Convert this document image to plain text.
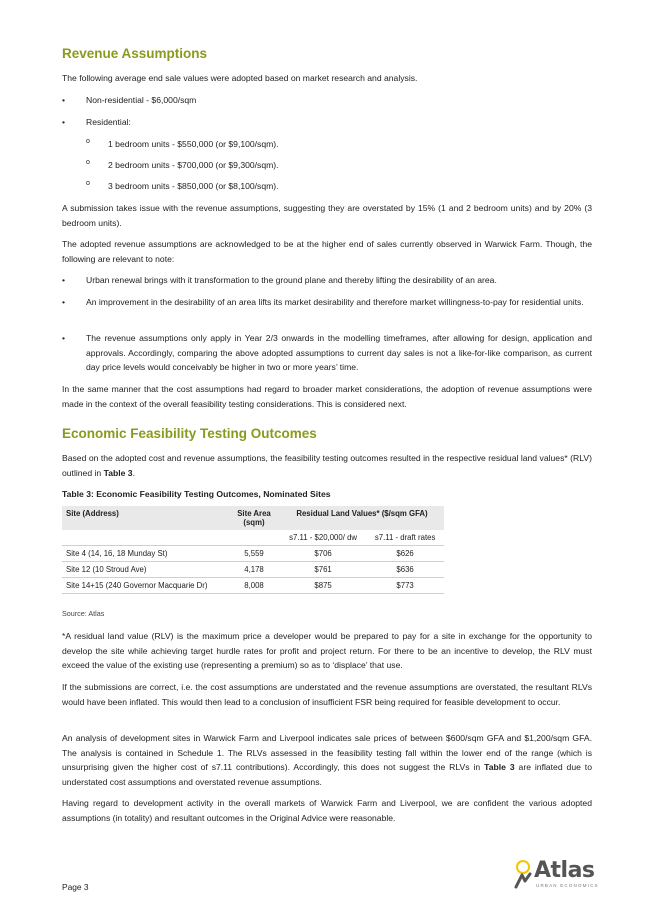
Revenue Assumptions

The following average end sale values were adopted based on market research and analysis.

• Non-residential - $6,000/sqm
• Residential:
o 1 bedroom units - $550,000 (or $9,100/sqm).
o 2 bedroom units - $700,000 (or $9,300/sqm).
o 3 bedroom units - $850,000 (or $8,100/sqm).

A submission takes issue with the revenue assumptions, suggesting they are overstated by 15% (1 and 2 bedroom units) and by 20% (3 bedroom units).

The adopted revenue assumptions are acknowledged to be at the higher end of sales currently observed in Warwick Farm. Though, the following are relevant to note:

• Urban renewal brings with it transformation to the ground plane and thereby lifting the desirability of an area.
• An improvement in the desirability of an area lifts its market desirability and therefore market willingness-to-pay for residential units.
• The revenue assumptions only apply in Year 2/3 onwards in the modelling timeframes, after allowing for design, application and approvals. Accordingly, comparing the above adopted assumptions to current day sales is not a like-for-like comparison, as current day price levels would conceivably be higher in two or more years’ time.

In the same manner that the cost assumptions had regard to broader market considerations, the adoption of revenue assumptions were made in the context of the overall feasibility testing considerations. This is considered next.

Economic Feasibility Testing Outcomes

Based on the adopted cost and revenue assumptions, the feasibility testing outcomes resulted in the respective residual land values* (RLV) outlined in Table 3.

Table 3: Economic Feasibility Testing Outcomes, Nominated Sites
Site (Address)	Site Area (sqm)	Residual Land Values* ($/sqm GFA)	
		s7.11 - $20,000/ dw	s7.11 - draft rates
Site 4 (14, 16, 18 Munday St)	5,559	$706	$626
Site 12 (10 Stroud Ave)	4,178	$761	$636
Site 14+15 (240 Governor Macquarie Dr)	8,008	$875	$773
Source: Atlas

*A residual land value (RLV) is the maximum price a developer would be prepared to pay for a site in exchange for the opportunity to develop the site while achieving target hurdle rates for profit and project return. For there to be an incentive to develop, the RLV must exceed the value of the existing use (representing a premium) so as to ‘displace’ that use.

If the submissions are correct, i.e. the cost assumptions are understated and the revenue assumptions are overstated, the resultant RLVs would have been inflated. This would then lead to a conclusion of insufficient FSR being required for feasible development to occur.

An analysis of development sites in Warwick Farm and Liverpool indicates sale prices of between $600/sqm GFA and $1,200/sqm GFA. The analysis is contained in Schedule 1. The RLVs assessed in the feasibility testing fall within the lower end of the range (which is unsurprising given the higher cost of s7.11 contributions). Accordingly, this does not suggest the RLVs in Table 3 are inflated due to understated cost assumptions and overstated revenue assumptions.

Having regard to development activity in the overall markets of Warwick Farm and Liverpool, we are confident the various adopted assumptions (in totality) and resultant outcomes in the Original Advice were reasonable.

Page 3
Atlas
URBAN ECONOMICS
